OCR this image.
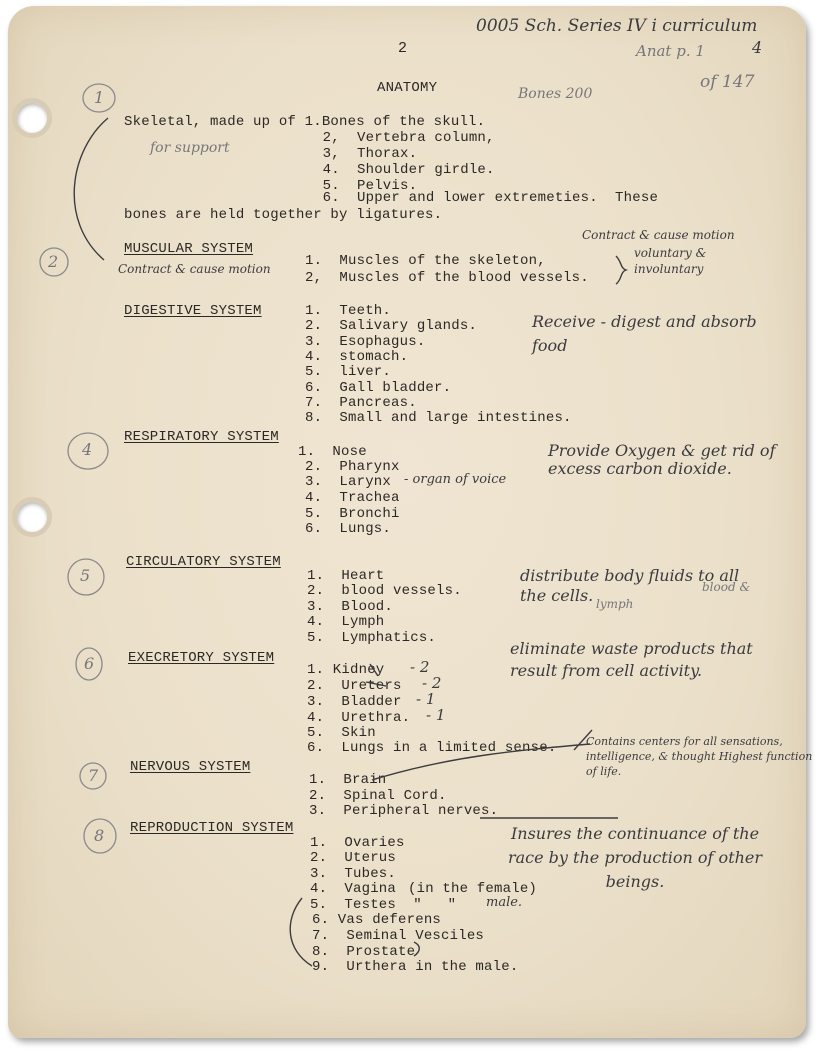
2
ANATOMY
0005 Sch. Series IV i curriculum
4
Anat p. 1
of 147
Bones 200
Skeletal, made up of 1.Bones of the skull.
2,  Vertebra column,
3,  Thorax.
4.  Shoulder girdle.
5.  Pelvis.
6.  Upper and lower extremeties.  These
bones are held together by ligatures.
for support
MUSCULAR SYSTEM
1.  Muscles of the skeleton,
2,  Muscles of the blood vessels.
Contract & cause motion
Contract & cause motion
voluntary &
involuntary
DIGESTIVE SYSTEM	1.  Teeth.
2.  Salivary glands.
3.  Esophagus.
4.  stomach.
5.  liver.
6.  Gall bladder.
7.  Pancreas.
8.  Small and large intestines.
Receive - digest and absorb food
RESPIRATORY SYSTEM
1.  Nose
2.  Pharynx
3.  Larynx
4.  Trachea
5.  Bronchi
6.  Lungs.
- organ of voice
Provide Oxygen & get rid of excess carbon dioxide.
4
CIRCULATORY SYSTEM
1.  Heart
2.  blood vessels.
3.  Blood.
4.  Lymph
5.  Lymphatics.
distribute body fluids to all the cells.	blood &
lymph
5
EXECRETORY SYSTEM
1. Kidney
2.  Ureters
3.  Bladder
4.  Urethra.
5.  Skin
6.  Lungs in a limited sense.
- 2
- 2
- 1
- 1
eliminate waste products that result from cell activity.
6
NERVOUS SYSTEM
1.  Brain
2.  Spinal Cord.
3.  Peripheral nerves.
Contains centers for all sensations, intelligence, & thought Highest function of life.
7
REPRODUCTION SYSTEM
1.  Ovaries
2.  Uterus
3.  Tubes.
4.  Vagina
5.  Testes  "   "
6. Vas deferens
7.  Seminal Vesciles
8.  Prostate
9.  Urthera in the male.
(in the female)
male.
Insures the continuance of the race by the production of other beings.
8
1
2
